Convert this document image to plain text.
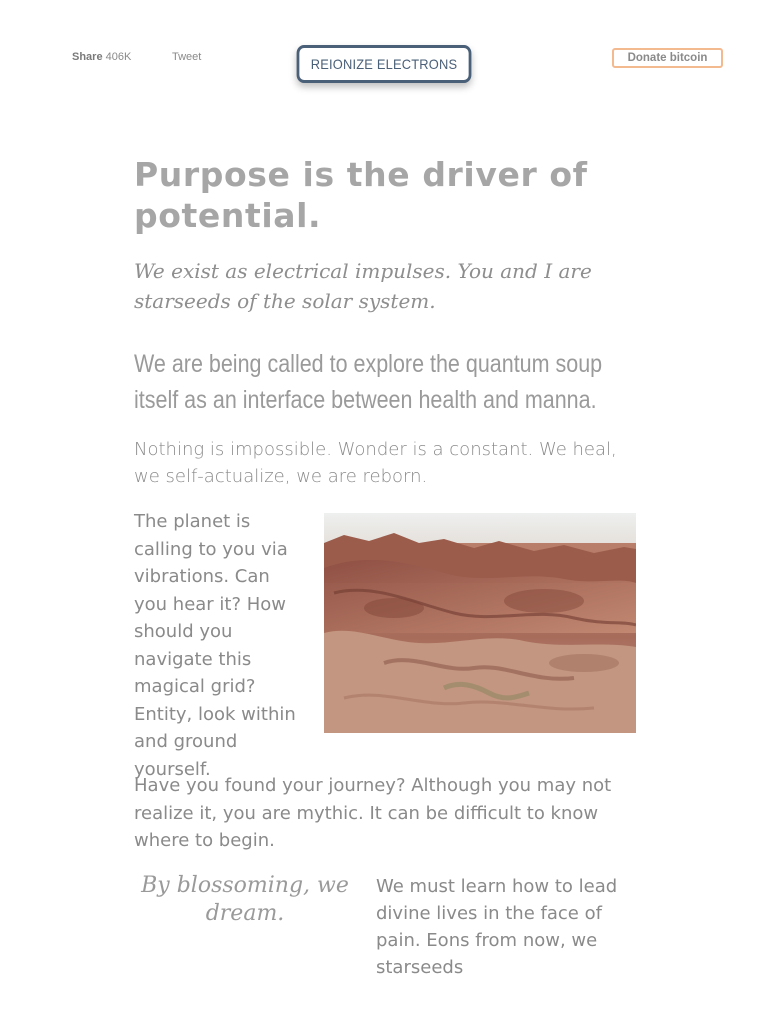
Share 406K	Tweet	REIONIZE ELECTRONS	Donate bitcoin
Purpose is the driver of potential.
We exist as electrical impulses. You and I are starseeds of the solar system.
We are being called to explore the quantum soup itself as an interface between health and manna.

Nothing is impossible. Wonder is a constant. We heal, we self-actualize, we are reborn.

The planet is calling to you via vibrations. Can you hear it? How should you navigate this magical grid? Entity, look within and ground yourself.

Have you found your journey? Although you may not realize it, you are mythic. It can be difficult to know where to begin.

By blossoming, we dream.

We must learn how to lead divine lives in the face of pain. Eons from now, we starseeds
